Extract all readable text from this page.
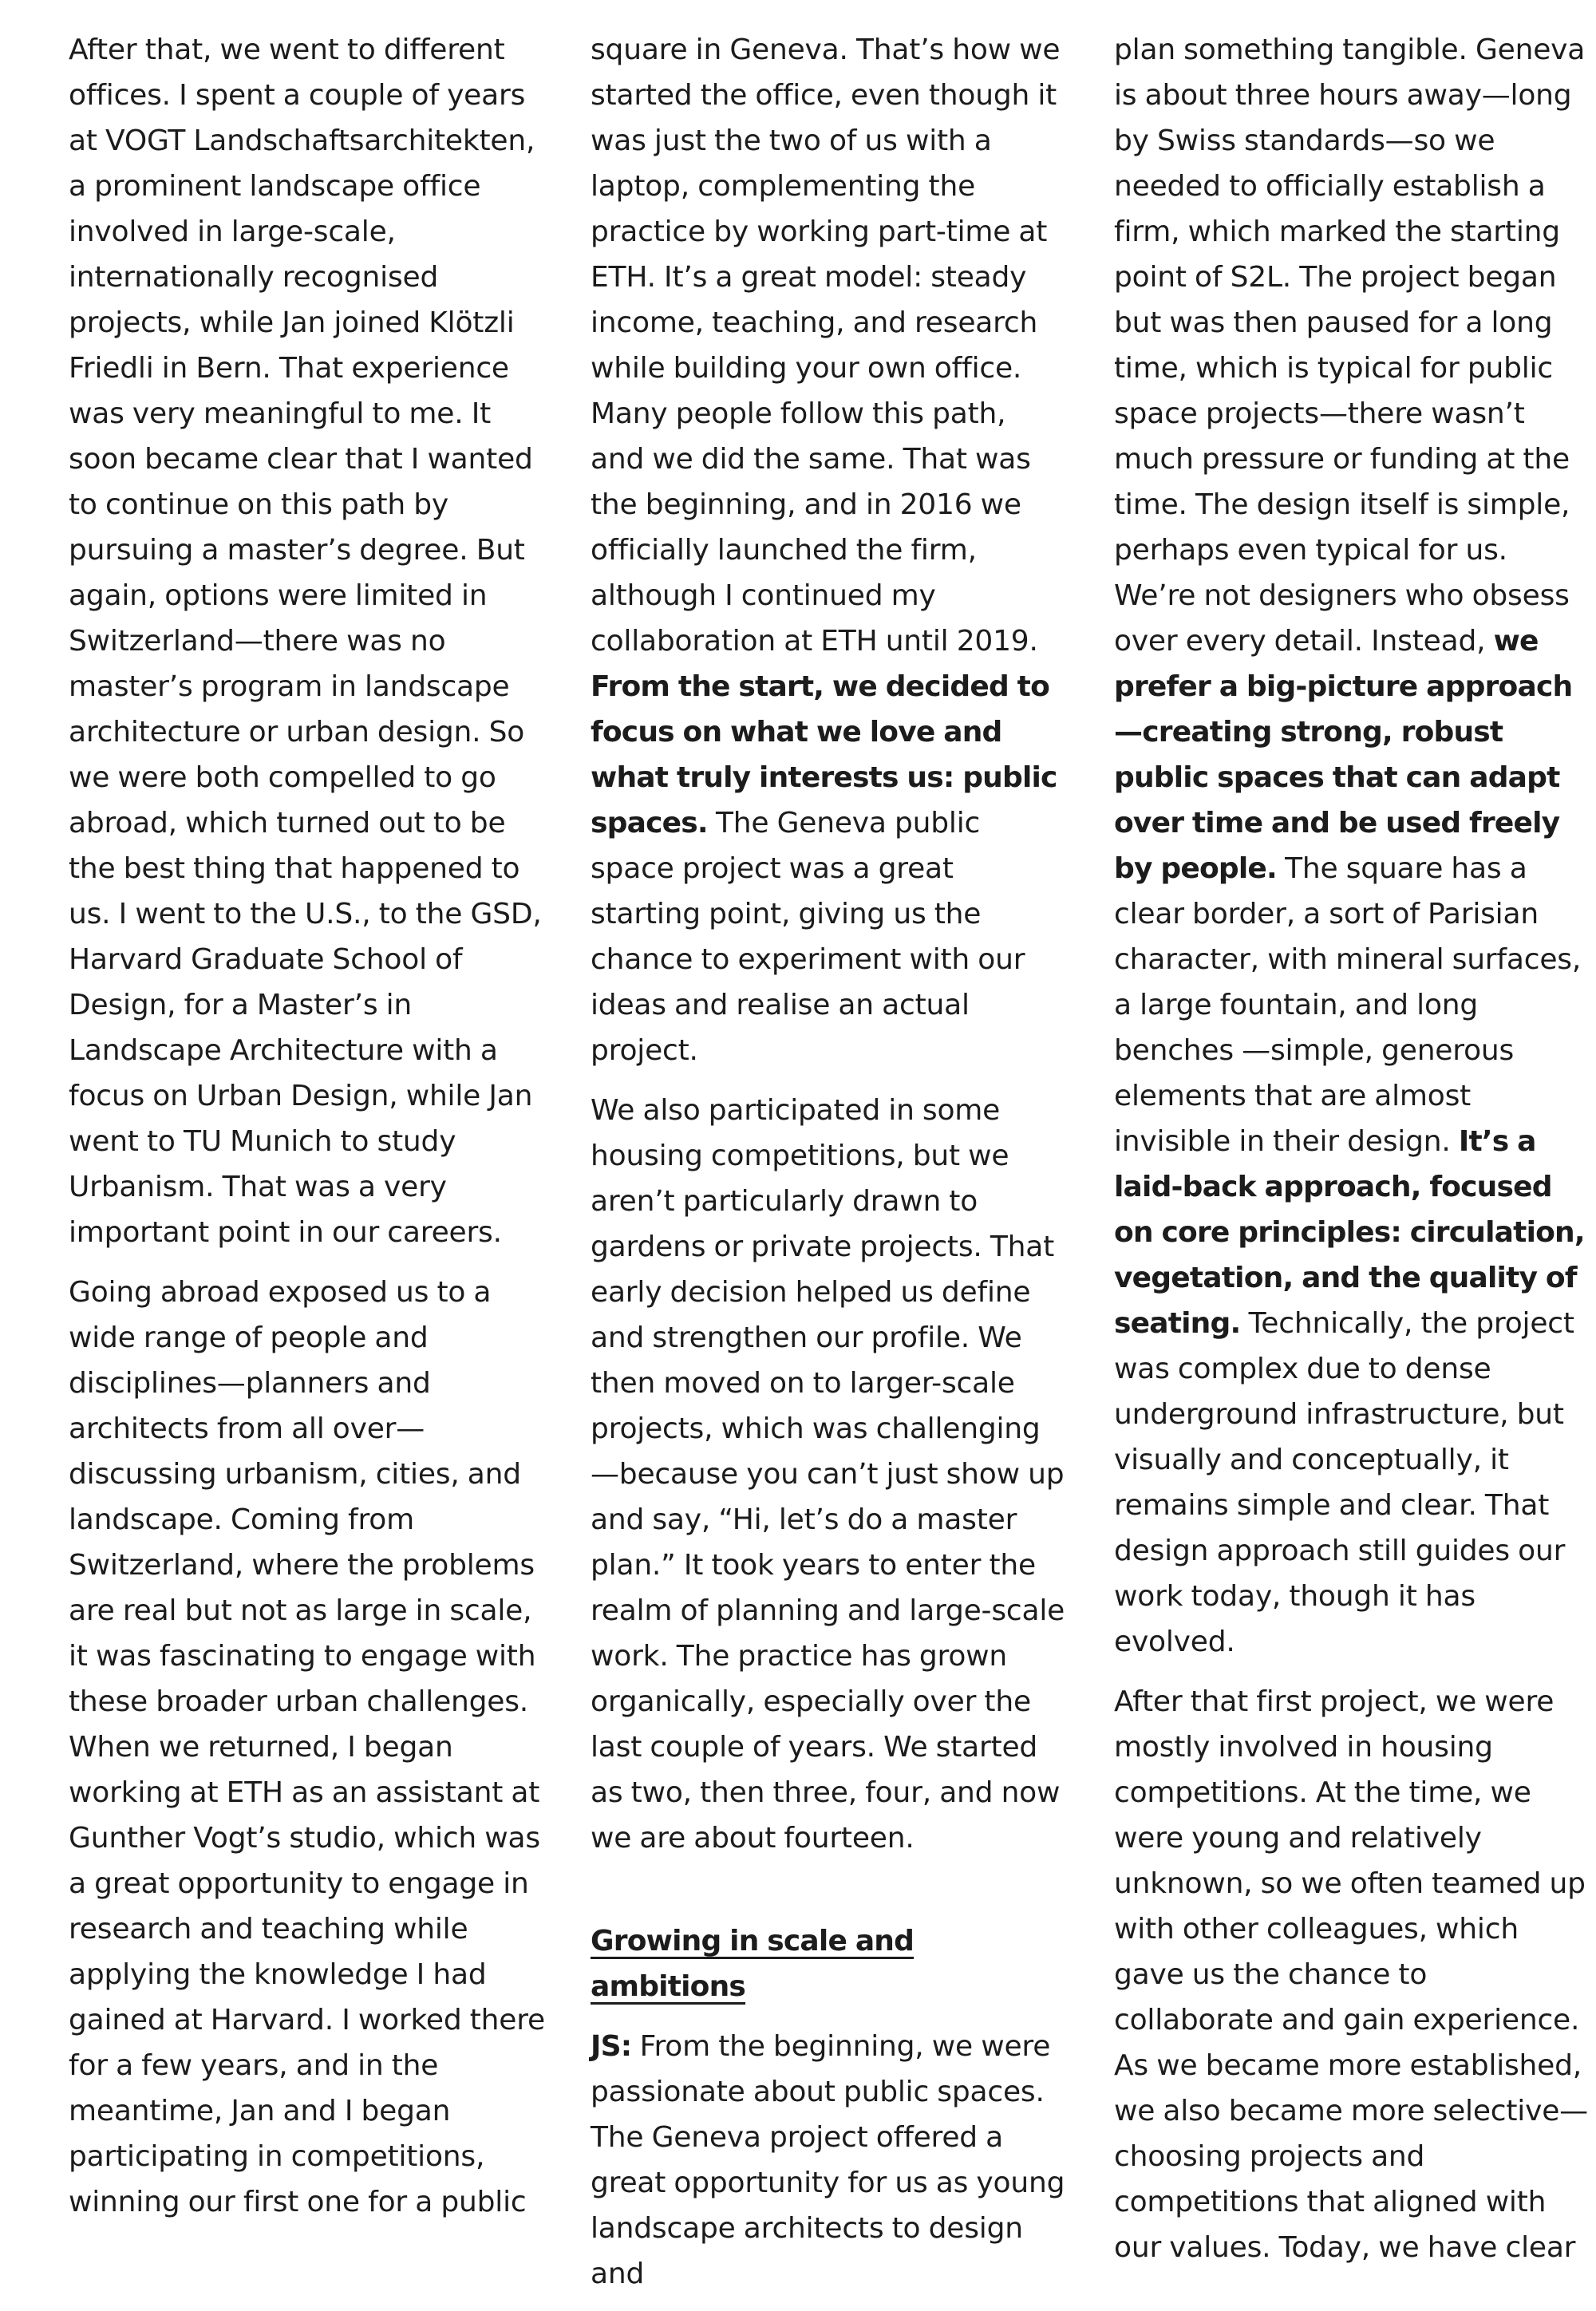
After that, we went to different offices. I spent a couple of years at VOGT Landschaftsarchitekten, a prominent landscape office involved in large-scale, internationally recognised projects, while Jan joined Klötzli Friedli in Bern. That experience was very meaningful to me. It soon became clear that I wanted to continue on this path by pursuing a master’s degree. But again, options were limited in Switzerland—there was no master’s program in landscape architecture or urban design. So we were both compelled to go abroad, which turned out to be the best thing that happened to us. I went to the U.S., to the GSD, Harvard Graduate School of Design, for a Master’s in Landscape Architecture with a focus on Urban Design, while Jan went to TU Munich to study Urbanism. That was a very important point in our careers.

Going abroad exposed us to a wide range of people and disciplines—planners and architects from all over—discussing urbanism, cities, and landscape. Coming from Switzerland, where the problems are real but not as large in scale, it was fascinating to engage with these broader urban challenges. When we returned, I began working at ETH as an assistant at Gunther Vogt’s studio, which was a great opportunity to engage in research and teaching while applying the knowledge I had gained at Harvard. I worked there for a few years, and in the meantime, Jan and I began participating in competitions, winning our first one for a public

square in Geneva. That’s how we started the office, even though it was just the two of us with a laptop, complementing the practice by working part-time at ETH. It’s a great model: steady income, teaching, and research while building your own office. Many people follow this path, and we did the same. That was the beginning, and in 2016 we officially launched the firm, although I continued my collaboration at ETH until 2019. From the start, we decided to focus on what we love and what truly interests us: public spaces. The Geneva public space project was a great starting point, giving us the chance to experiment with our ideas and realise an actual project.

We also participated in some housing competitions, but we aren’t particularly drawn to gardens or private projects. That early decision helped us define and strengthen our profile. We then moved on to larger-scale projects, which was challenging—because you can’t just show up and say, “Hi, let’s do a master plan.” It took years to enter the realm of planning and large-scale work. The practice has grown organically, especially over the last couple of years. We started as two, then three, four, and now we are about fourteen.

Growing in scale and ambitions

JS: From the beginning, we were passionate about public spaces. The Geneva project offered a great opportunity for us as young landscape architects to design and

plan something tangible. Geneva is about three hours away—long by Swiss standards—so we needed to officially establish a firm, which marked the starting point of S2L. The project began but was then paused for a long time, which is typical for public space projects—there wasn’t much pressure or funding at the time. The design itself is simple, perhaps even typical for us. We’re not designers who obsess over every detail. Instead, we prefer a big-picture approach—creating strong, robust public spaces that can adapt over time and be used freely by people. The square has a clear border, a sort of Parisian character, with mineral surfaces, a large fountain, and long benches —simple, generous elements that are almost invisible in their design. It’s a laid-back approach, focused on core principles: circulation, vegetation, and the quality of seating. Technically, the project was complex due to dense underground infrastructure, but visually and conceptually, it remains simple and clear. That design approach still guides our work today, though it has evolved.

After that first project, we were mostly involved in housing competitions. At the time, we were young and relatively unknown, so we often teamed up with other colleagues, which gave us the chance to collaborate and gain experience. As we became more established, we also became more selective—choosing projects and competitions that aligned with our values. Today, we have clear
